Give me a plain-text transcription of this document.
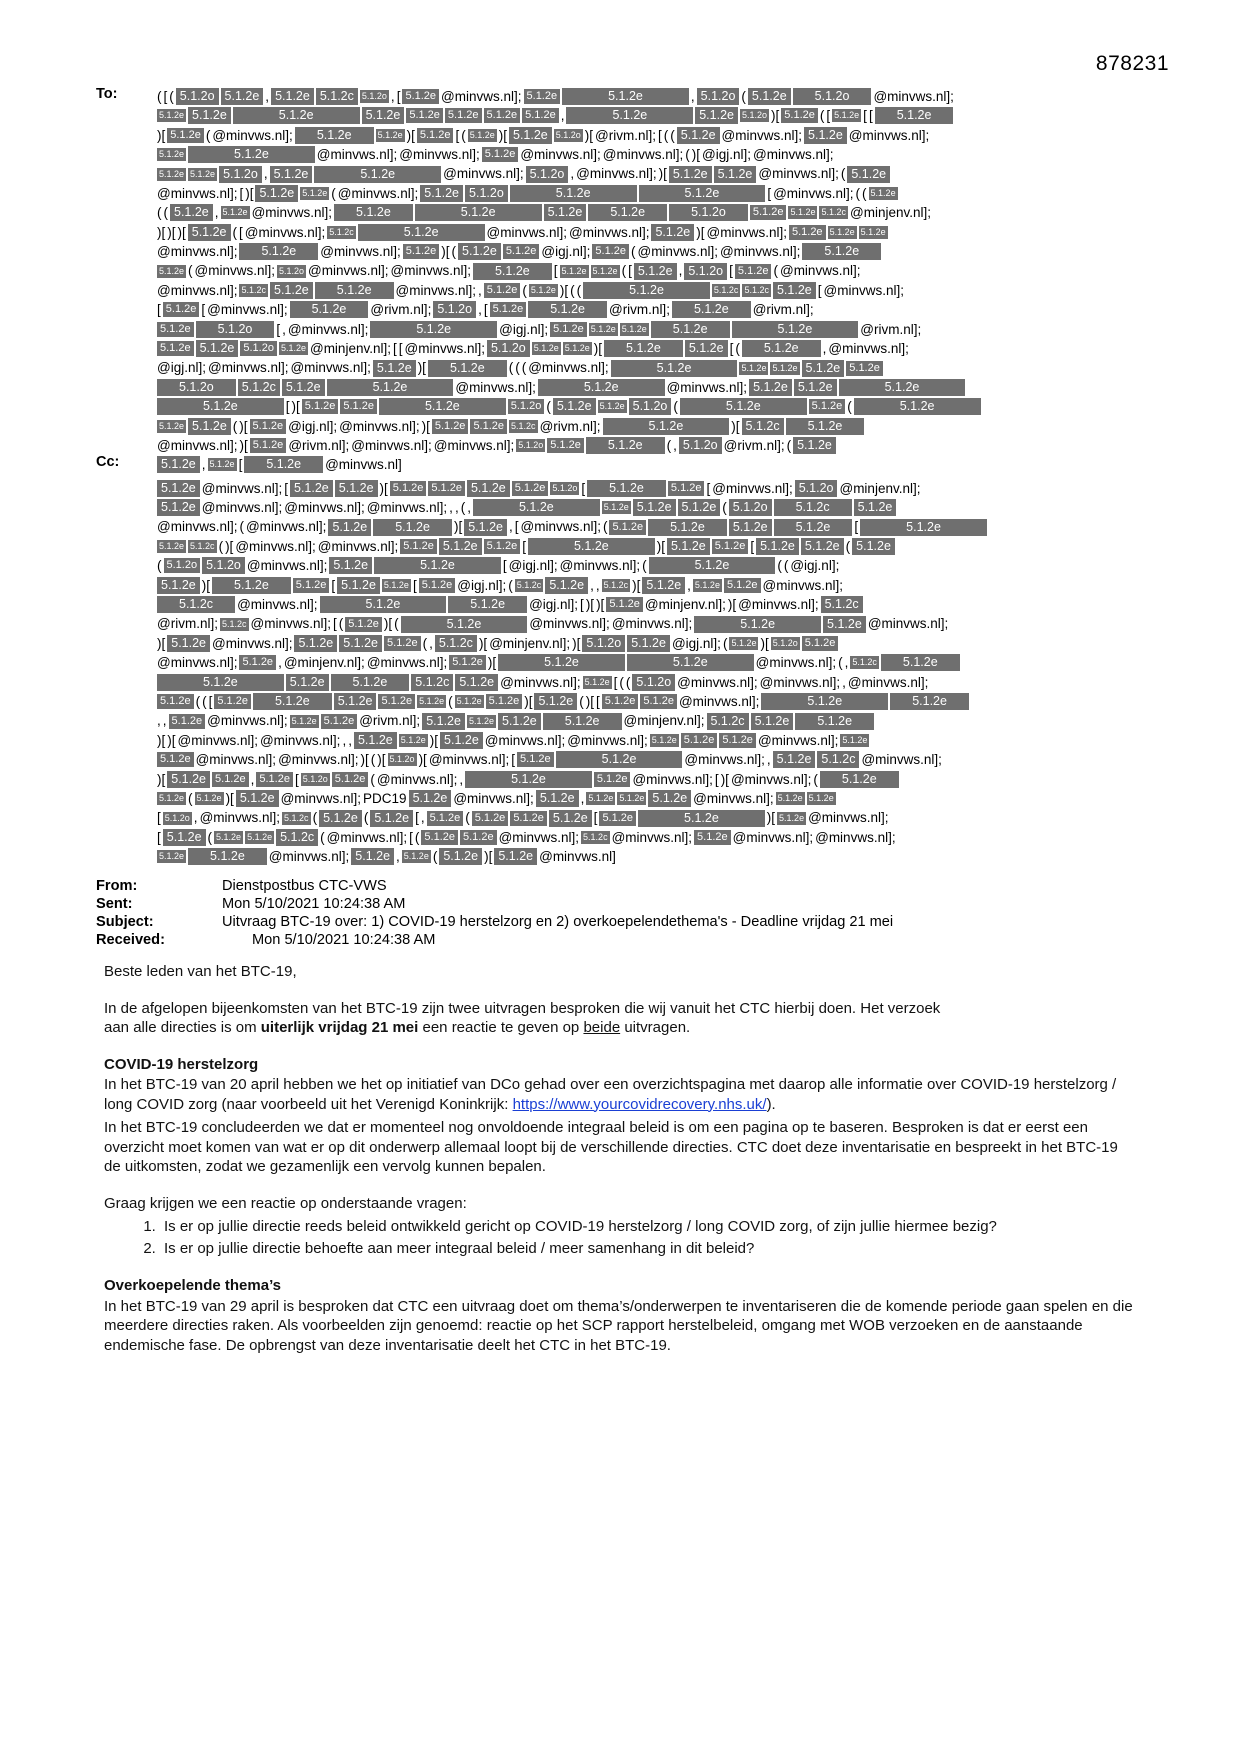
878231
To:	( [ ( 5.1.2o 5.1.2e , 5.1.2e 5.1.2c 5.1.2o , [ 5.1.2e @minvws.nl]; 5.1.2e	5.1.2e	, 5.1.2o ( 5.1.2e 5.1.2o @minvws.nl];
5.1.2e 5.1.2e	5.1.2e	5.1.2e 5.1.2e 5.1.2e 5.1.2e 5.1.2e ,	5.1.2e	5.1.2e 5.1.2o )[ 5.1.2e ( [ 5.1.2e [ [ 5.1.2e
)[ 5.1.2e ( @minvws.nl]; 5.1.2e	5.1.2e )[ 5.1.2e [ ( 5.1.2e )[ 5.1.2e 5.1.2o )[ @rivm.nl]; [ ( ( 5.1.2e @minvws.nl]; 5.1.2e @minvws.nl];
5.1.2e	5.1.2e	@minvws.nl]; @minvws.nl]; 5.1.2e @minvws.nl]; @minvws.nl]; ( )[ @igj.nl]; @minvws.nl];
5.1.2e 5.1.2e 5.1.2o , 5.1.2e	5.1.2e	@minvws.nl]; 5.1.2o , @minvws.nl]; )[ 5.1.2e 5.1.2e @minvws.nl]; ( 5.1.2e
@minvws.nl]; [ )[ 5.1.2e 5.1.2e ( @minvws.nl]; 5.1.2e 5.1.2o	5.1.2e	5.1.2e	[ @minvws.nl]; ( ( 5.1.2e
( ( 5.1.2e , 5.1.2e @minvws.nl]; 5.1.2e	5.1.2e	5.1.2e 5.1.2e	5.1.2o 5.1.2e 5.1.2e 5.1.2c @minjenv.nl];
)[ )[ )[ 5.1.2e ( [ @minvws.nl]; 5.1.2c	5.1.2e	@minvws.nl]; @minvws.nl]; 5.1.2e )[ @minvws.nl]; 5.1.2e 5.1.2e 5.1.2e
@minvws.nl]; 5.1.2e @minvws.nl]; 5.1.2e )[ ( 5.1.2e 5.1.2e @igj.nl]; 5.1.2e ( @minvws.nl]; @minvws.nl]; 5.1.2e
5.1.2e ( @minvws.nl]; 5.1.2o @minvws.nl]; @minvws.nl]; 5.1.2e [ 5.1.2e 5.1.2e ( [ 5.1.2e , 5.1.2o [ 5.1.2e ( @minvws.nl];
@minvws.nl]; 5.1.2c 5.1.2e 5.1.2e @minvws.nl]; , 5.1.2e ( 5.1.2e )[ ( (	5.1.2e	5.1.2c 5.1.2c 5.1.2e [ @minvws.nl];
[ 5.1.2e [ @minvws.nl]; 5.1.2e @rivm.nl]; 5.1.2o , [ 5.1.2e 5.1.2e @rivm.nl]; 5.1.2e @rivm.nl];
5.1.2e 5.1.2o [ , @minvws.nl];	5.1.2e	@igj.nl]; 5.1.2e 5.1.2e 5.1.2e 5.1.2e	5.1.2e	@rivm.nl];
5.1.2e 5.1.2e 5.1.2o 5.1.2e @minjenv.nl]; [ [ @minvws.nl]; 5.1.2o 5.1.2e 5.1.2e )[ 5.1.2e 5.1.2e [ ( 5.1.2e , @minvws.nl];
@igj.nl]; @minvws.nl]; @minvws.nl]; 5.1.2e )[ 5.1.2e ( ( ( @minvws.nl];	5.1.2e	5.1.2e 5.1.2e 5.1.2e 5.1.2e
5.1.2o 5.1.2c 5.1.2e	5.1.2e	@minvws.nl];	5.1.2e	@minvws.nl]; 5.1.2e 5.1.2e	5.1.2e
5.1.2e	[ )[ 5.1.2e 5.1.2e	5.1.2e	5.1.2o ( 5.1.2e 5.1.2e 5.1.2o (	5.1.2e	5.1.2e (	5.1.2e
5.1.2e 5.1.2e ( )[ 5.1.2e @igj.nl]; @minvws.nl]; )[ 5.1.2e 5.1.2e 5.1.2c @rivm.nl];	5.1.2e	)[ 5.1.2c 5.1.2e
@minvws.nl]; )[ 5.1.2e @rivm.nl]; @minvws.nl]; @minvws.nl]; 5.1.2o 5.1.2e 5.1.2e ( , 5.1.2o @rivm.nl]; ( 5.1.2e
5.1.2e , 5.1.2e [ 5.1.2e @minvws.nl]
Cc:
5.1.2e @minvws.nl]; [ 5.1.2e 5.1.2e )[ 5.1.2e 5.1.2e 5.1.2e 5.1.2e 5.1.2o [ 5.1.2e 5.1.2e [ @minvws.nl]; 5.1.2o @minjenv.nl];
5.1.2e @minvws.nl]; @minvws.nl]; @minvws.nl]; , , ( ,	5.1.2e	5.1.2e 5.1.2e 5.1.2e ( 5.1.2o 5.1.2c 5.1.2e
@minvws.nl]; ( @minvws.nl]; 5.1.2e 5.1.2e )[ 5.1.2e , [ @minvws.nl]; ( 5.1.2e 5.1.2e 5.1.2e 5.1.2e [	5.1.2e
5.1.2e 5.1.2c ( )[ @minvws.nl]; @minvws.nl]; 5.1.2e 5.1.2e 5.1.2e [	5.1.2e	)[ 5.1.2e 5.1.2e [ 5.1.2e 5.1.2e ( 5.1.2e
( 5.1.2o 5.1.2o @minvws.nl]; 5.1.2e	5.1.2e	[ @igj.nl]; @minvws.nl]; (	5.1.2e	( ( @igj.nl];
5.1.2e )[ 5.1.2e 5.1.2e [ 5.1.2e 5.1.2e [ 5.1.2e @igj.nl]; ( 5.1.2c 5.1.2e , , 5.1.2c )[ 5.1.2e , 5.1.2e 5.1.2e @minvws.nl];
5.1.2c @minvws.nl];	5.1.2e	5.1.2e @igj.nl]; [ )[ )[ 5.1.2e @minjenv.nl]; )[ @minvws.nl]; 5.1.2c
@rivm.nl]; 5.1.2c @minvws.nl]; [ ( 5.1.2e )[ (	5.1.2e	@minvws.nl]; @minvws.nl];	5.1.2e	5.1.2e @minvws.nl];
)[ 5.1.2e @minvws.nl]; 5.1.2e 5.1.2e 5.1.2e ( , 5.1.2c )[ @minjenv.nl]; )[ 5.1.2o 5.1.2e @igj.nl]; ( 5.1.2e )[ 5.1.2o 5.1.2e
@minvws.nl]; 5.1.2e , @minjenv.nl]; @minvws.nl]; 5.1.2e )[	5.1.2e	5.1.2e	@minvws.nl]; ( , 5.1.2c 5.1.2e
5.1.2e	5.1.2e 5.1.2e 5.1.2c 5.1.2e @minvws.nl]; 5.1.2e [ ( ( 5.1.2o @minvws.nl]; @minvws.nl]; , @minvws.nl];
5.1.2e ( ( [ 5.1.2e 5.1.2e 5.1.2e 5.1.2e 5.1.2e ( 5.1.2e 5.1.2e )[ 5.1.2e ( )[ [ 5.1.2e 5.1.2e @minvws.nl];	5.1.2e	5.1.2e
, , 5.1.2e @minvws.nl]; 5.1.2e 5.1.2e @rivm.nl]; 5.1.2e 5.1.2e 5.1.2e 5.1.2e @minjenv.nl]; 5.1.2c 5.1.2e 5.1.2e
)[ )[ @minvws.nl]; @minvws.nl]; , , 5.1.2e 5.1.2e )[ 5.1.2e @minvws.nl]; @minvws.nl]; 5.1.2e 5.1.2e 5.1.2e @minvws.nl]; 5.1.2e
5.1.2e @minvws.nl]; @minvws.nl]; )[ ( )[ 5.1.2o )[ @minvws.nl]; [ 5.1.2e	5.1.2e	@minvws.nl]; , 5.1.2e 5.1.2c @minvws.nl];
)[ 5.1.2e 5.1.2e , 5.1.2e [ 5.1.2o 5.1.2e ( @minvws.nl]; ,	5.1.2e	5.1.2e @minvws.nl]; [ )[ @minvws.nl]; ( 5.1.2e
5.1.2e ( 5.1.2e )[ 5.1.2e @minvws.nl];PDC19 5.1.2e @minvws.nl]; 5.1.2e , 5.1.2e 5.1.2e 5.1.2e @minvws.nl]; 5.1.2e 5.1.2e
[ 5.1.2o , @minvws.nl]; 5.1.2c ( 5.1.2e ( 5.1.2e [ , 5.1.2e ( 5.1.2e 5.1.2e 5.1.2e [ 5.1.2e	5.1.2e	)[ 5.1.2e @minvws.nl];
[ 5.1.2e ( 5.1.2e 5.1.2e 5.1.2c ( @minvws.nl]; [ ( 5.1.2e 5.1.2e @minvws.nl]; 5.1.2c @minvws.nl]; 5.1.2e @minvws.nl]; @minvws.nl];
5.1.2e 5.1.2e @minvws.nl]; 5.1.2e , 5.1.2e ( 5.1.2e )[ 5.1.2e @minvws.nl]
From:	Dienstpostbus CTC-VWS
Sent:	Mon 5/10/2021 10:24:38 AM
Subject:	Uitvraag BTC-19 over: 1) COVID-19 herstelzorg en 2) overkoepelendethema's - Deadline vrijdag 21 mei
Received:	Mon 5/10/2021 10:24:38 AM

Beste leden van het BTC-19,

In de afgelopen bijeenkomsten van het BTC-19 zijn twee uitvragen besproken die wij vanuit het CTC hierbij doen. Het verzoek
aan alle directies is om uiterlijk vrijdag 21 mei een reactie te geven op beide uitvragen.

COVID-19 herstelzorg

In het BTC-19 van 20 april hebben we het op initiatief van DCo gehad over een overzichtspagina met daarop alle informatie over COVID-19 herstelzorg / long COVID zorg (naar voorbeeld uit het Verenigd Koninkrijk: https://www.yourcovidrecovery.nhs.uk/).

In het BTC-19 concludeerden we dat er momenteel nog onvoldoende integraal beleid is om een pagina op te baseren. Besproken is dat er eerst een overzicht moet komen van wat er op dit onderwerp allemaal loopt bij de verschillende directies. CTC doet deze inventarisatie en bespreekt in het BTC-19 de uitkomsten, zodat we gezamenlijk een vervolg kunnen bepalen.

Graag krijgen we een reactie op onderstaande vragen:

1. Is er op jullie directie reeds beleid ontwikkeld gericht op COVID-19 herstelzorg / long COVID zorg, of zijn jullie hiermee bezig?
2. Is er op jullie directie behoefte aan meer integraal beleid / meer samenhang in dit beleid?
Overkoepelende thema’s

In het BTC-19 van 29 april is besproken dat CTC een uitvraag doet om thema’s/onderwerpen te inventariseren die de komende periode gaan spelen en die meerdere directies raken. Als voorbeelden zijn genoemd: reactie op het SCP rapport herstelbeleid, omgang met WOB verzoeken en de aanstaande endemische fase. De opbrengst van deze inventarisatie deelt het CTC in het BTC-19.
